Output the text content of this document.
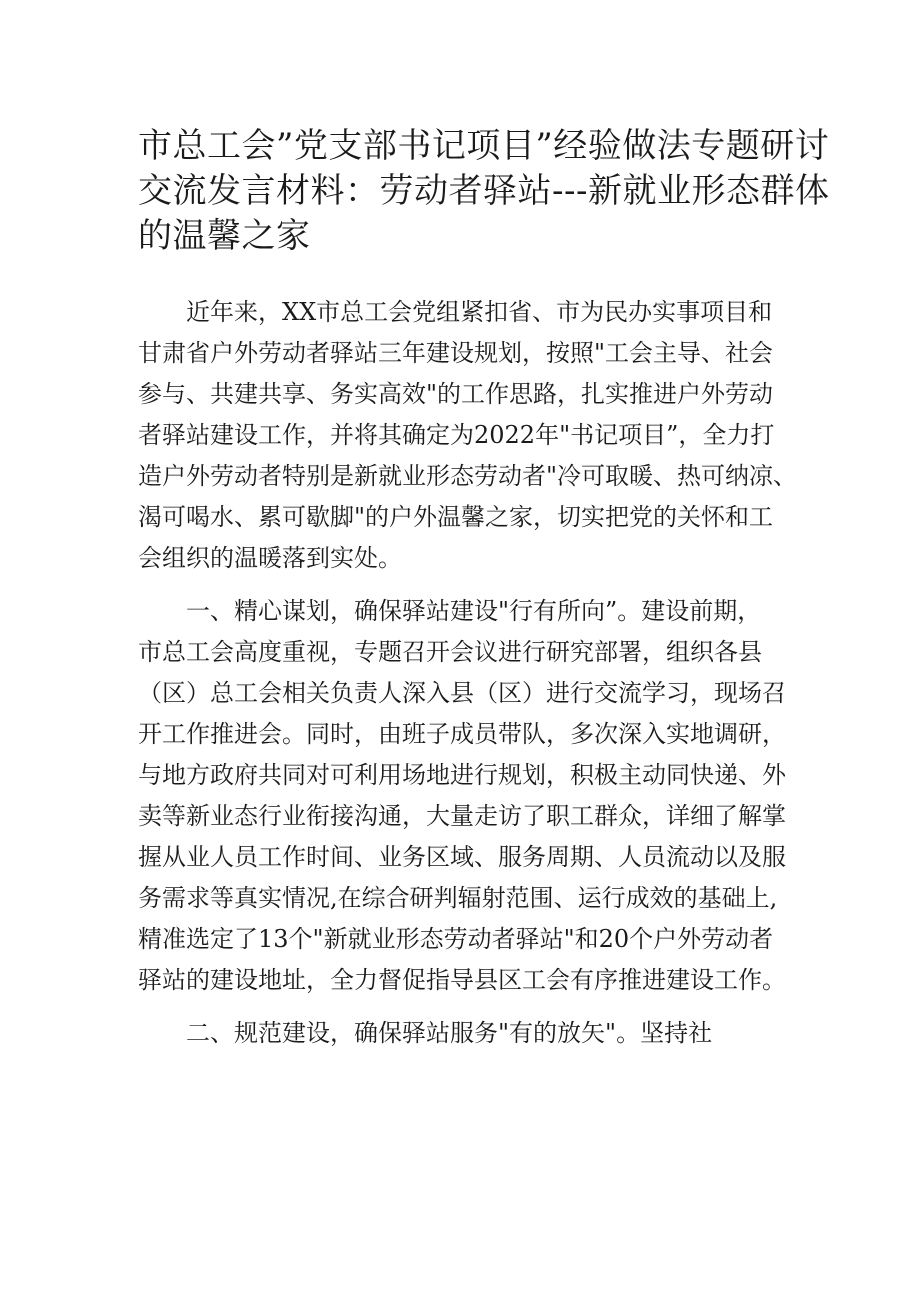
市总工会”党支部书记项目”经验做法专题研讨
交流发言材料：劳动者驿站---新就业形态群体
的温馨之家

近年来，XX市总工会党组紧扣省、市为民办实事项目和
甘肃省户外劳动者驿站三年建设规划，按照"工会主导、社会
参与、共建共享、务实高效"的工作思路，扎实推进户外劳动
者驿站建设工作，并将其确定为2022年"书记项目”，全力打
造户外劳动者特别是新就业形态劳动者"冷可取暖、热可纳凉、
渴可喝水、累可歇脚"的户外温馨之家，切实把党的关怀和工
会组织的温暖落到实处。

一、精心谋划，确保驿站建设"行有所向”。建设前期，
市总工会高度重视，专题召开会议进行研究部署，组织各县
（区）总工会相关负责人深入县（区）进行交流学习，现场召
开工作推进会。同时，由班子成员带队，多次深入实地调研，
与地方政府共同对可利用场地进行规划，积极主动同快递、外
卖等新业态行业衔接沟通，大量走访了职工群众，详细了解掌
握从业人员工作时间、业务区域、服务周期、人员流动以及服
务需求等真实情况,在综合研判辐射范围、运行成效的基础上,
精准选定了13个"新就业形态劳动者驿站"和20个户外劳动者
驿站的建设地址，全力督促指导县区工会有序推进建设工作。

二、规范建设，确保驿站服务"有的放矢"。坚持社
